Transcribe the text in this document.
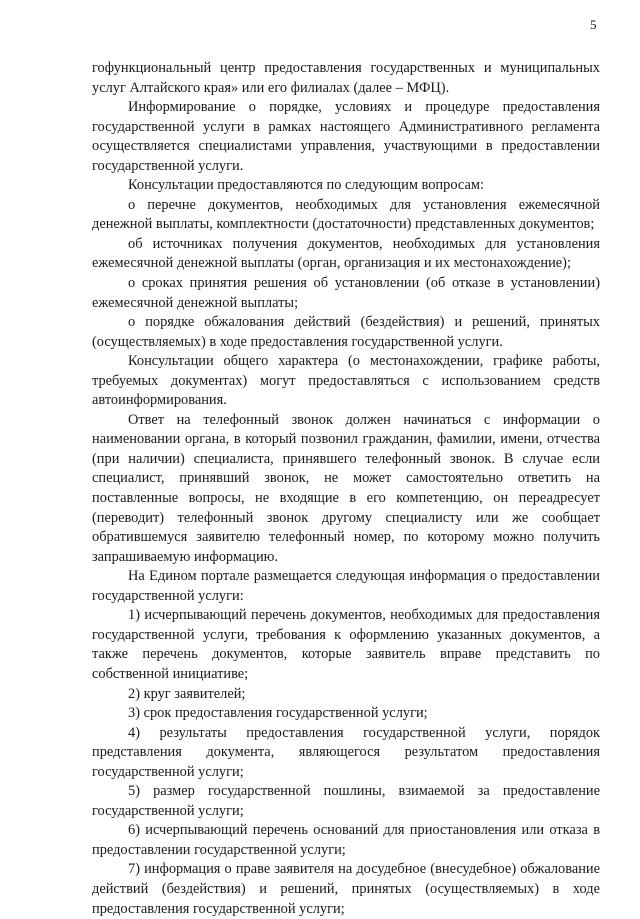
5

гофункциональный центр предоставления государственных и муниципальных услуг Алтайского края» или его филиалах (далее – МФЦ).

Информирование о порядке, условиях и процедуре предоставления государственной услуги в рамках настоящего Административного регламента осуществляется специалистами управления, участвующими в предоставлении государственной услуги.

Консультации предоставляются по следующим вопросам:

о перечне документов, необходимых для установления ежемесячной денежной выплаты, комплектности (достаточности) представленных документов;

об источниках получения документов, необходимых для установления ежемесячной денежной выплаты (орган, организация и их местонахождение);

о сроках принятия решения об установлении (об отказе в установлении) ежемесячной денежной выплаты;

о порядке обжалования действий (бездействия) и решений, принятых (осуществляемых) в ходе предоставления государственной услуги.

Консультации общего характера (о местонахождении, графике работы, требуемых документах) могут предоставляться с использованием средств автоинформирования.

Ответ на телефонный звонок должен начинаться с информации о наименовании органа, в который позвонил гражданин, фамилии, имени, отчества (при наличии) специалиста, принявшего телефонный звонок. В случае если специалист, принявший звонок, не может самостоятельно ответить на поставленные вопросы, не входящие в его компетенцию, он переадресует (переводит) телефонный звонок другому специалисту или же сообщает обратившемуся заявителю телефонный номер, по которому можно получить запрашиваемую информацию.

На Едином портале размещается следующая информация о предоставлении государственной услуги:

1) исчерпывающий перечень документов, необходимых для предоставления государственной услуги, требования к оформлению указанных документов, а также перечень документов, которые заявитель вправе представить по собственной инициативе;

2) круг заявителей;

3) срок предоставления государственной услуги;

4) результаты предоставления государственной услуги, порядок представления документа, являющегося результатом предоставления государственной услуги;

5) размер государственной пошлины, взимаемой за предоставление государственной услуги;

6) исчерпывающий перечень оснований для приостановления или отказа в предоставлении государственной услуги;

7) информация о праве заявителя на досудебное (внесудебное) обжалование действий (бездействия) и решений, принятых (осуществляемых) в ходе предоставления государственной услуги;
